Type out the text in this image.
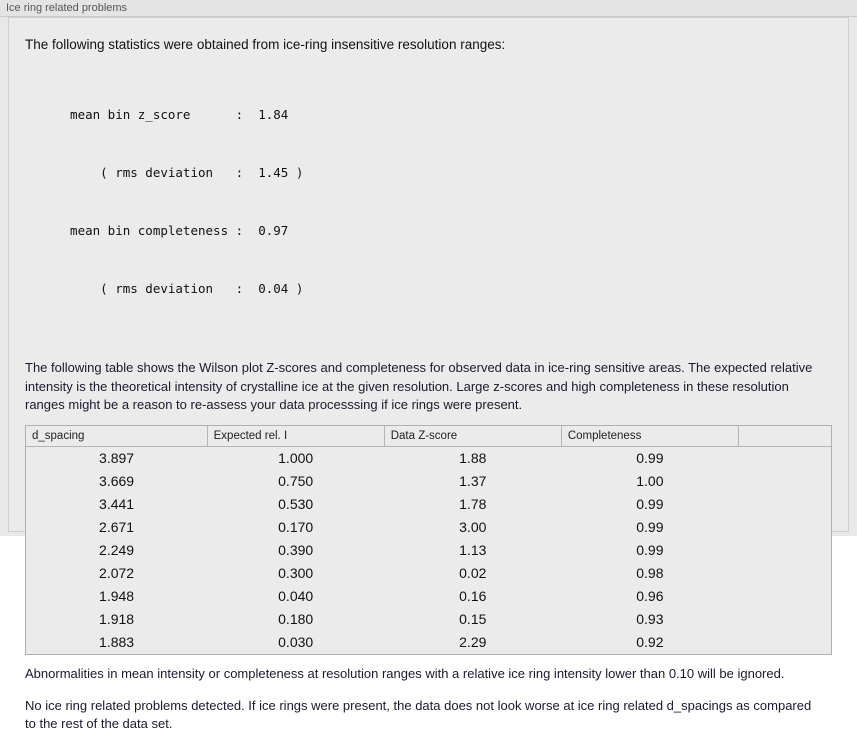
Ice ring related problems

The following statistics were obtained from ice-ring insensitive resolution ranges:

mean bin z_score      :  1.84

( rms deviation   :  1.45 )

mean bin completeness :  0.97

( rms deviation   :  0.04 )

The following table shows the Wilson plot Z-scores and completeness for observed data in ice-ring sensitive areas. The expected relative intensity is the theoretical intensity of crystalline ice at the given resolution. Large z-scores and high completeness in these resolution ranges might be a reason to re-assess your data processsing if ice rings were present.

d_spacing	Expected rel. I	Data Z-score	Completeness	
3.897	1.000	1.88	0.99	
3.669	0.750	1.37	1.00	
3.441	0.530	1.78	0.99	
2.671	0.170	3.00	0.99	
2.249	0.390	1.13	0.99	
2.072	0.300	0.02	0.98	
1.948	0.040	0.16	0.96	
1.918	0.180	0.15	0.93	
1.883	0.030	2.29	0.92	

Abnormalities in mean intensity or completeness at resolution ranges with a relative ice ring intensity lower than 0.10 will be ignored.

No ice ring related problems detected. If ice rings were present, the data does not look worse at ice ring related d_spacings as compared to the rest of the data set.
